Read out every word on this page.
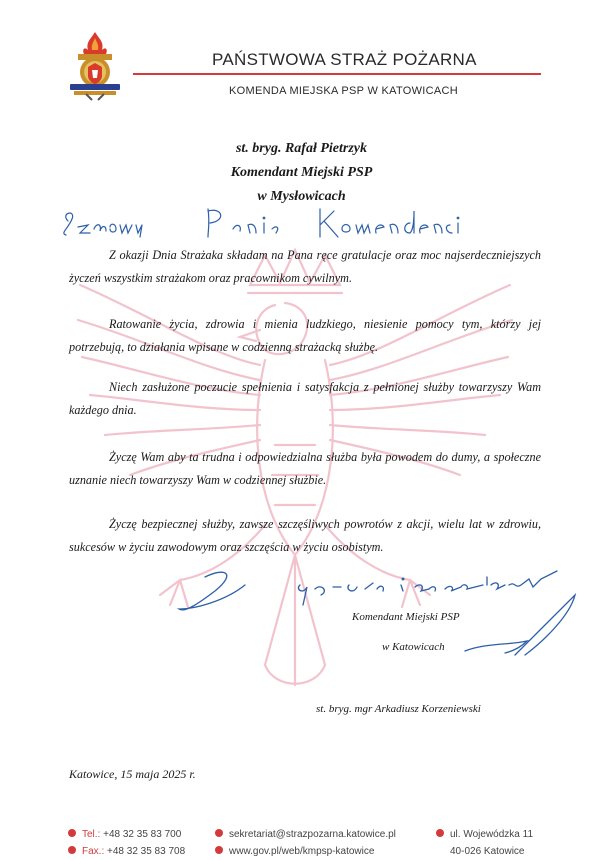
PAŃSTWOWA STRAŻ POŻARNA
KOMENDA MIEJSKA PSP W KATOWICACH
st. bryg. Rafał Pietrzyk
Komendant Miejski PSP
w Mysłowicach

Z okazji Dnia Strażaka składam na Pana ręce gratulacje oraz moc najserdeczniejszych życzeń wszystkim strażakom oraz pracownikom cywilnym.

Ratowanie życia, zdrowia i mienia ludzkiego, niesienie pomocy tym, którzy jej potrzebują, to działania wpisane w codzienną strażacką służbę.

Niech zasłużone poczucie spełnienia i satysfakcja z pełnionej służby towarzyszy Wam każdego dnia.

Życzę Wam aby ta trudna i odpowiedzialna służba była powodem do dumy, a społeczne uznanie niech towarzyszy Wam w codziennej służbie.

Życzę bezpiecznej służby, zawsze szczęśliwych powrotów z akcji, wielu lat w zdrowiu, sukcesów w życiu zawodowym oraz szczęścia w życiu osobistym.

Komendant Miejski PSP
w Katowicach
st. bryg. mgr Arkadiusz Korzeniewski
Katowice, 15 maja 2025 r.
Tel.: +48 32 35 83 700
Fax.: +48 32 35 83 708
sekretariat@strazpozarna.katowice.pl
www.gov.pl/web/kmpsp-katowice
ul. Wojewódzka 11
40-026 Katowice
